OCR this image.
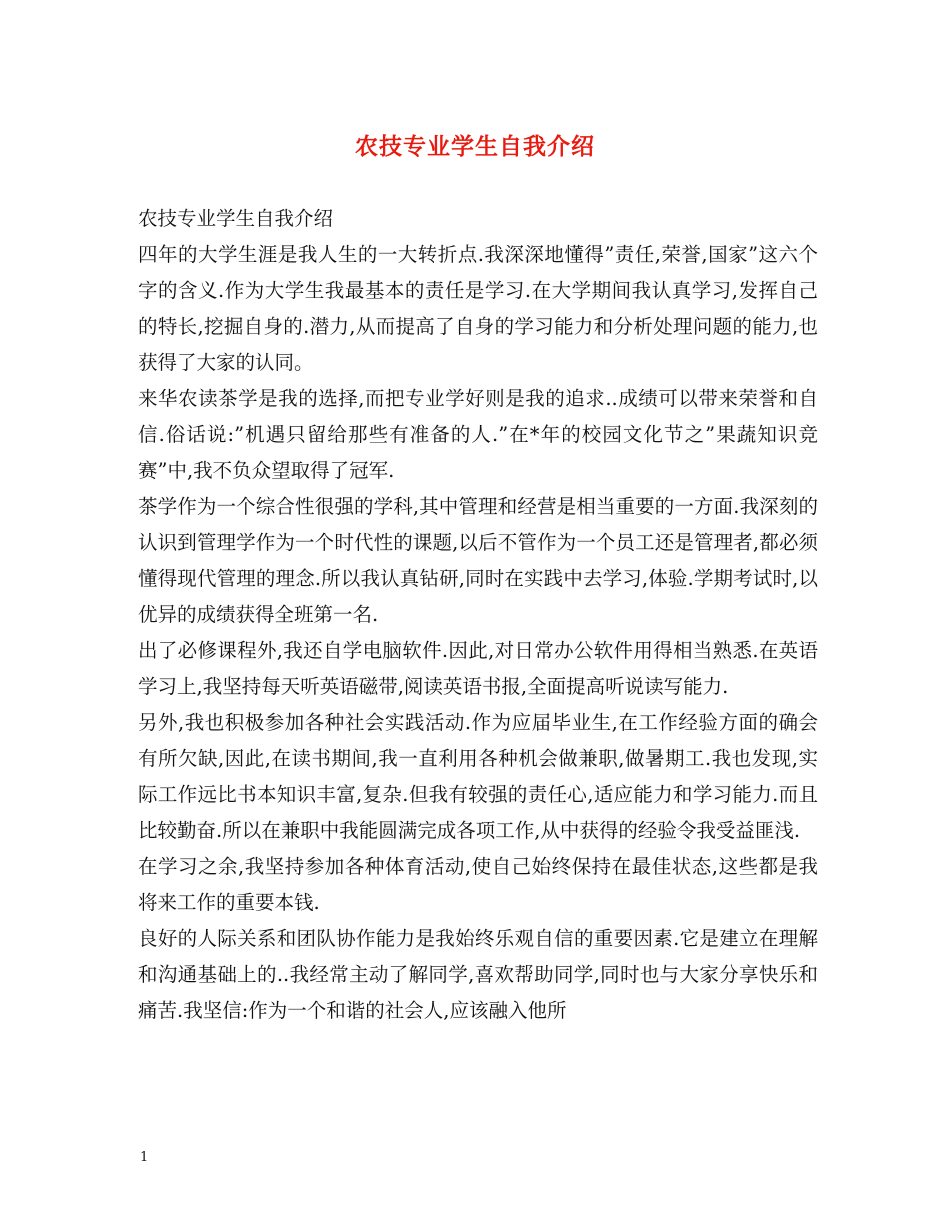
农技专业学生自我介绍

农技专业学生自我介绍

四年的大学生涯是我人生的一大转折点.我深深地懂得”责任,荣誉,国家”这六个字的含义.作为大学生我最基本的责任是学习.在大学期间我认真学习,发挥自己的特长,挖掘自身的.潜力,从而提高了自身的学习能力和分析处理问题的能力,也获得了大家的认同。

来华农读茶学是我的选择,而把专业学好则是我的追求..成绩可以带来荣誉和自信.俗话说:”机遇只留给那些有准备的人.”在*年的校园文化节之”果蔬知识竞赛”中,我不负众望取得了冠军.

茶学作为一个综合性很强的学科,其中管理和经营是相当重要的一方面.我深刻的认识到管理学作为一个时代性的课题,以后不管作为一个员工还是管理者,都必须懂得现代管理的理念.所以我认真钻研,同时在实践中去学习,体验.学期考试时,以优异的成绩获得全班第一名.

出了必修课程外,我还自学电脑软件.因此,对日常办公软件用得相当熟悉.在英语学习上,我坚持每天听英语磁带,阅读英语书报,全面提高听说读写能力.

另外,我也积极参加各种社会实践活动.作为应届毕业生,在工作经验方面的确会有所欠缺,因此,在读书期间,我一直利用各种机会做兼职,做暑期工.我也发现,实际工作远比书本知识丰富,复杂.但我有较强的责任心,适应能力和学习能力.而且比较勤奋.所以在兼职中我能圆满完成各项工作,从中获得的经验令我受益匪浅.

在学习之余,我坚持参加各种体育活动,使自己始终保持在最佳状态,这些都是我将来工作的重要本钱.

良好的人际关系和团队协作能力是我始终乐观自信的重要因素.它是建立在理解和沟通基础上的..我经常主动了解同学,喜欢帮助同学,同时也与大家分享快乐和痛苦.我坚信:作为一个和谐的社会人,应该融入他所

1
